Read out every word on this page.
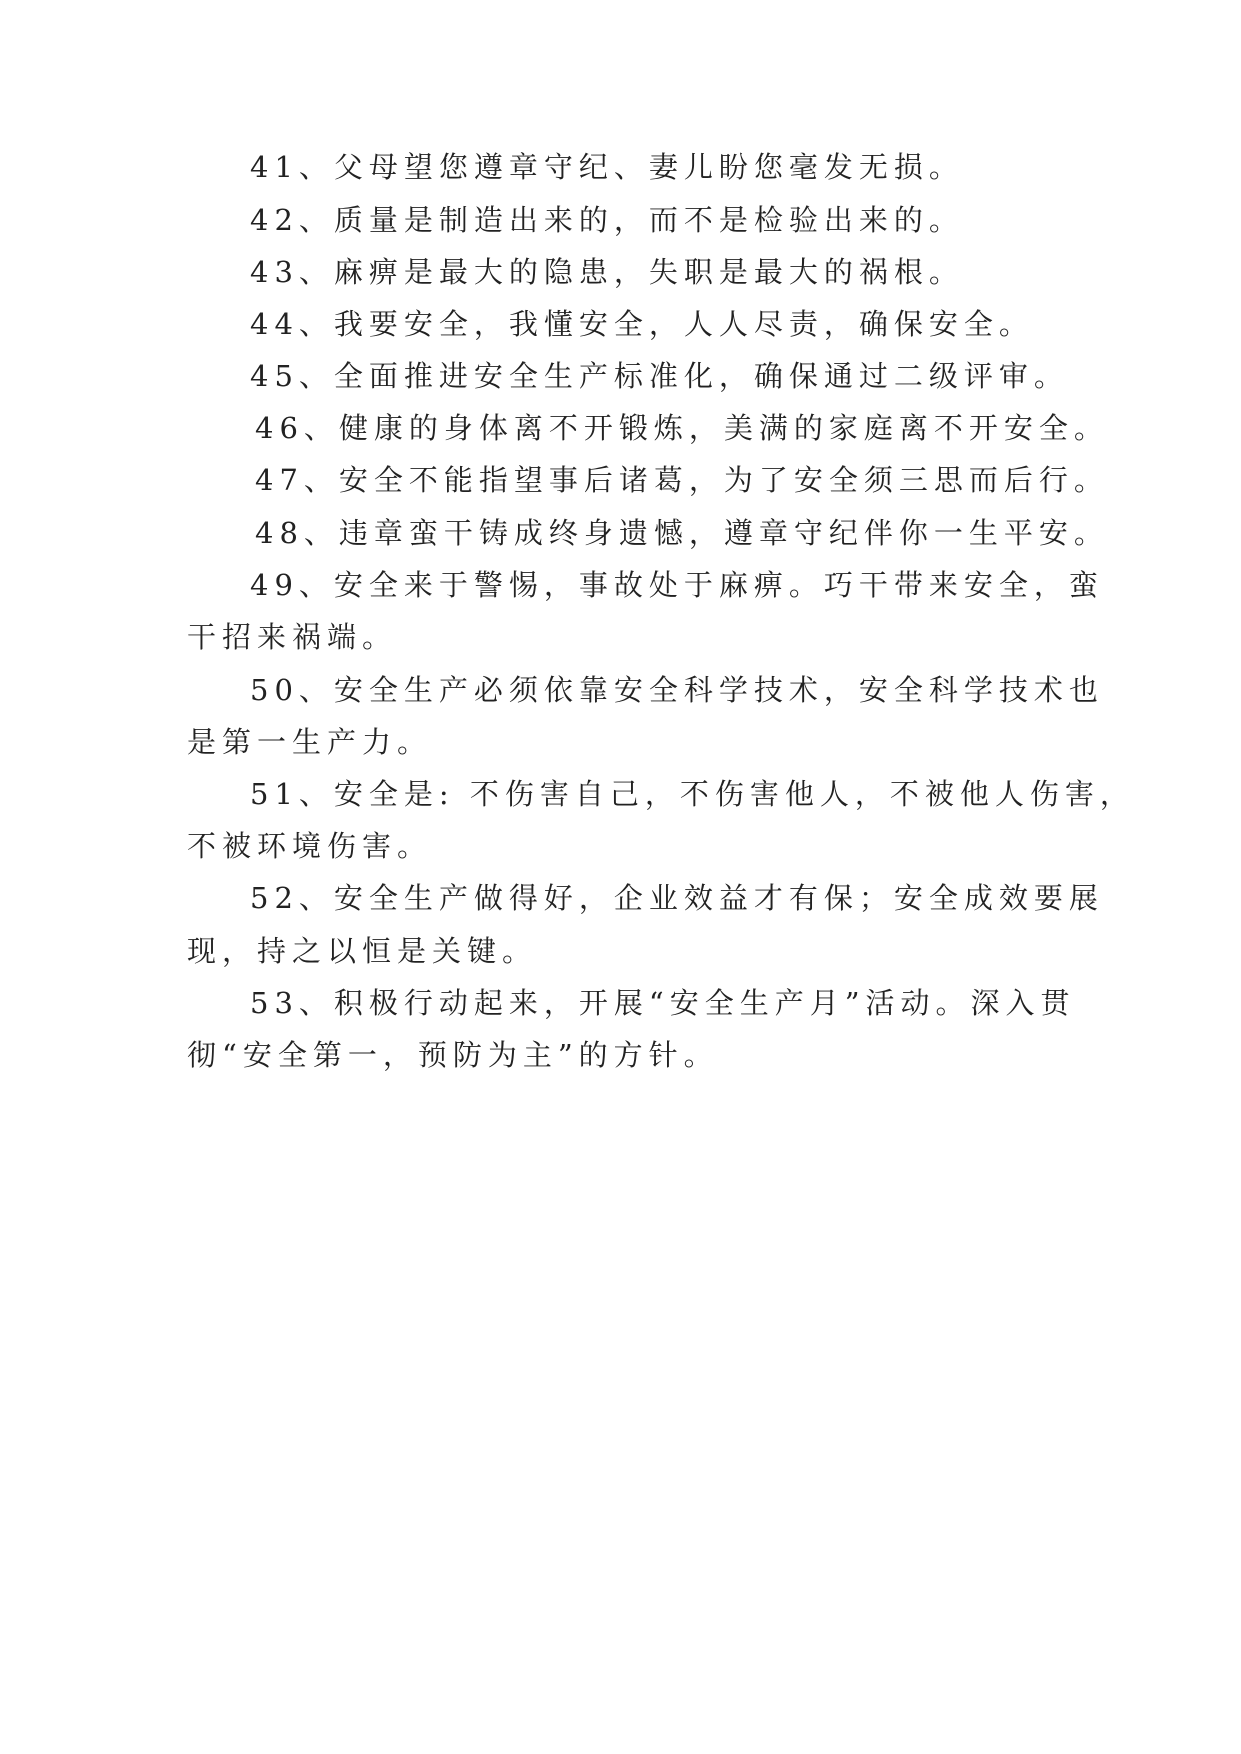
41、父母望您遵章守纪、妻儿盼您毫发无损。
42、质量是制造出来的，而不是检验出来的。
43、麻痹是最大的隐患，失职是最大的祸根。
44、我要安全，我懂安全，人人尽责，确保安全。
45、全面推进安全生产标准化，确保通过二级评审。
46、健康的身体离不开锻炼，美满的家庭离不开安全。
47、安全不能指望事后诸葛，为了安全须三思而后行。
48、违章蛮干铸成终身遗憾，遵章守纪伴你一生平安。
49、安全来于警惕，事故处于麻痹。巧干带来安全，蛮
干招来祸端。
50、安全生产必须依靠安全科学技术，安全科学技术也
是第一生产力。
51、安全是: 不伤害自己，不伤害他人，不被他人伤害，
不被环境伤害。
52、安全生产做得好，企业效益才有保；安全成效要展
现，持之以恒是关键。
53、积极行动起来，开展“安全生产月”活动。深入贯
彻“安全第一，预防为主”的方针。
